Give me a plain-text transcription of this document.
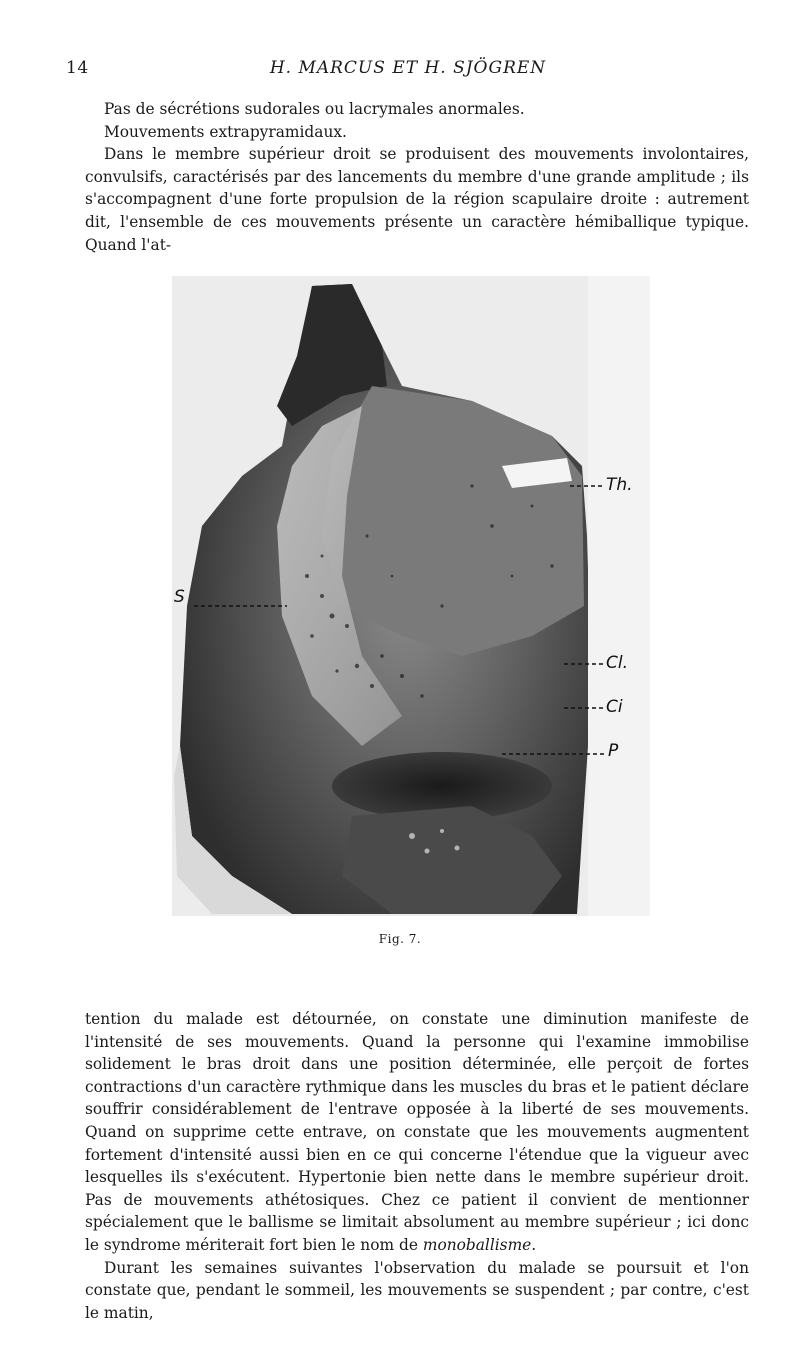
14	H. MARCUS ET H. SJÖGREN

Pas de sécrétions sudorales ou lacrymales anormales.

Mouvements extrapyramidaux.

Dans le membre supérieur droit se produisent des mouvements involontaires, convulsifs, caractérisés par des lancements du membre d'une grande amplitude ; ils s'accompagnent d'une forte propulsion de la région scapulaire droite : autrement dit, l'ensemble de ces mouvements présente un caractère hémiballique typique. Quand l'at-

Th.
S
Cl.
Ci
P
Fig. 7.

tention du malade est détournée, on constate une diminution manifeste de l'intensité de ses mouvements. Quand la personne qui l'examine immobilise solidement le bras droit dans une position déterminée, elle perçoit de fortes contractions d'un caractère rythmique dans les muscles du bras et le patient déclare souffrir considérablement de l'entrave opposée à la liberté de ses mouvements. Quand on supprime cette entrave, on constate que les mouvements augmentent fortement d'intensité aussi bien en ce qui concerne l'étendue que la vigueur avec lesquelles ils s'exécutent. Hypertonie bien nette dans le membre supérieur droit. Pas de mouvements athétosiques. Chez ce patient il convient de mentionner spécialement que le ballisme se limitait absolument au membre supérieur ; ici donc le syndrome mériterait fort bien le nom de monoballisme.

Durant les semaines suivantes l'observation du malade se poursuit et l'on constate que, pendant le sommeil, les mouvements se suspendent ; par contre, c'est le matin,
